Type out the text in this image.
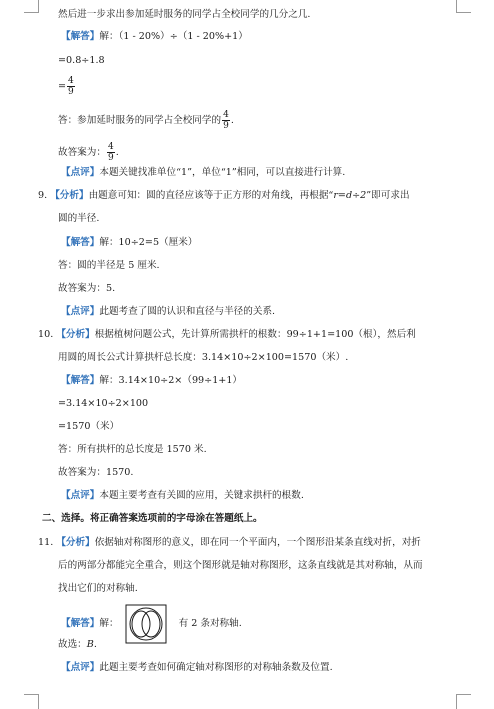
然后进一步求出参加延时服务的同学占全校同学的几分之几.
【解答】解：（1 - 20%）÷（1 - 20%+1）
=0.8÷1.8
= $\frac{4}{9}$
答：参加延时服务的同学占全校同学的 $\frac{4}{9}$ .
故答案为： $\frac{4}{9}$ .
【点评】本题关键找准单位“1”，单位“1”相同，可以直接进行计算.
9. 【分析】由题意可知：圆的直径应该等于正方形的对角线，再根据“r=d÷2”即可求出
圆的半径.
【解答】解：10÷2=5（厘米）
答：圆的半径是 5 厘米.
故答案为：5.
【点评】此题考查了圆的认识和直径与半径的关系.
10. 【分析】根据植树问题公式，先计算所需拱杆的根数：99÷1+1=100（根），然后利
用圆的周长公式计算拱杆总长度：3.14×10÷2×100=1570（米）.
【解答】解：3.14×10÷2×（99÷1+1）
=3.14×10÷2×100
=1570（米）
答：所有拱杆的总长度是 1570 米.
故答案为：1570.
【点评】本题主要考查有关圆的应用，关键求拱杆的根数.
二、选择。将正确答案选项前的字母涂在答题纸上。
11. 【分析】依据轴对称图形的意义，即在同一个平面内，一个图形沿某条直线对折，对折
后的两部分都能完全重合，则这个图形就是轴对称图形，这条直线就是其对称轴，从而
找出它们的对称轴.
【解答】解：	有 2 条对称轴.
故选：B.
【点评】此题主要考查如何确定轴对称图形的对称轴条数及位置.
